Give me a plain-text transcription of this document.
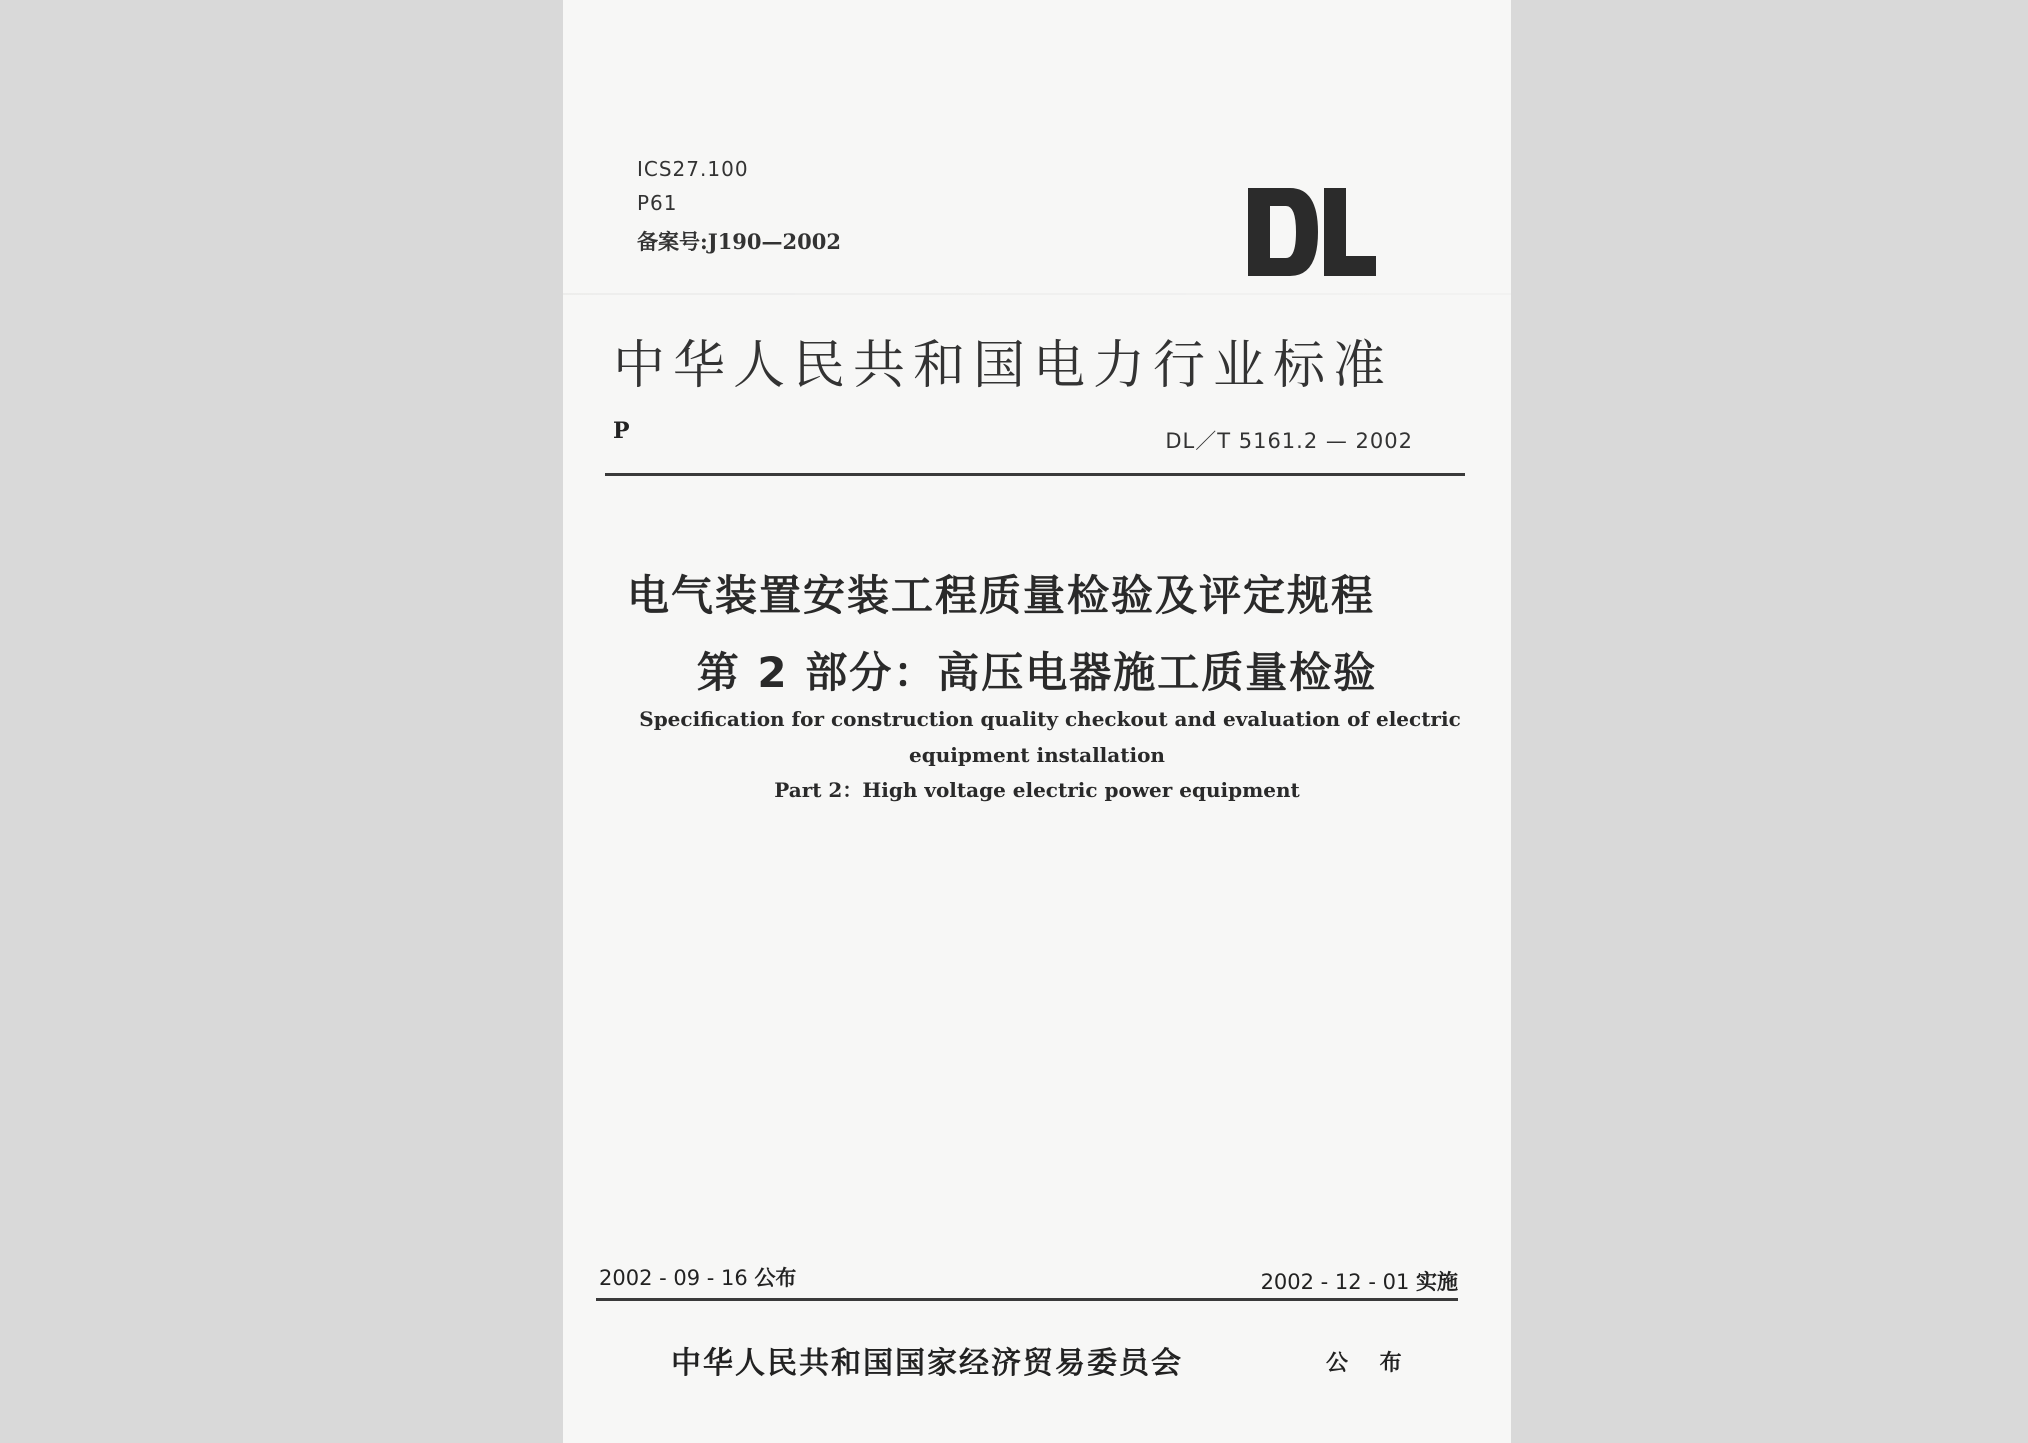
ICS27.100
P61
备案号:J190—2002
中华人民共和国电力行业标准
P	DL／T 5161.2 — 2002
电气装置安装工程质量检验及评定规程
第 2 部分：高压电器施工质量检验
Specification for construction quality checkout and evaluation of electric
equipment installation
Part 2：High voltage electric power equipment
2002 - 09 - 16 公布	2002 - 12 - 01 实施
中华人民共和国国家经济贸易委员会	公 布
